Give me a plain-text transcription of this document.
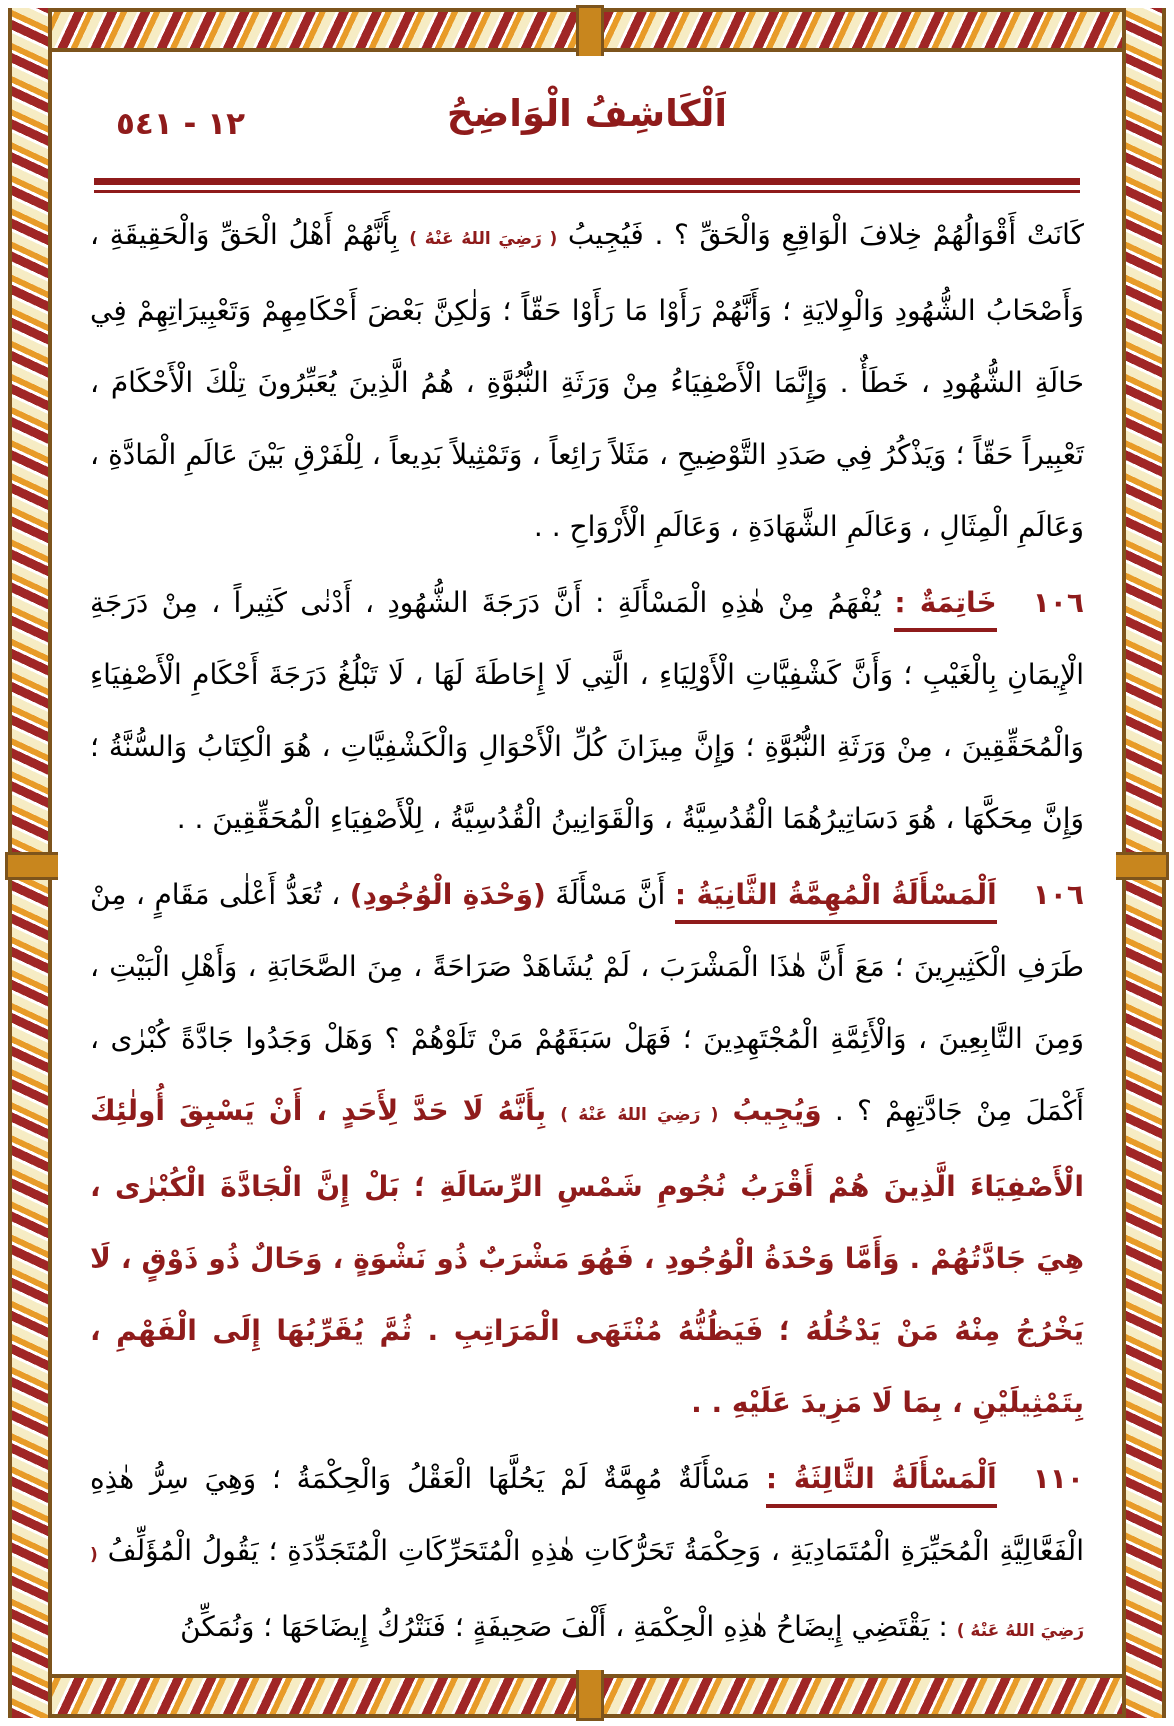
١٢ - ٥٤١	اَلْكَاشِفُ الْوَاضِحُ

كَانَتْ أَقْوَالُهُمْ خِلافَ الْوَاقِعِ وَالْحَقِّ ؟ . فَيُجِيبُ ( رَضِيَ اللهُ عَنْهُ ) بِأَنَّهُمْ أَهْلُ الْحَقِّ وَالْحَقِيقَةِ ، وَأَصْحَابُ الشُّهُودِ وَالْوِلايَةِ ؛ وَأَنَّهُمْ رَأَوْا مَا رَأَوْا حَقّاً ؛ وَلٰكِنَّ بَعْضَ أَحْكَامِهِمْ وَتَعْبِيرَاتِهِمْ فِي حَالَةِ الشُّهُودِ ، خَطَأٌ . وَإِنَّمَا الْأَصْفِيَاءُ مِنْ وَرَثَةِ النُّبُوَّةِ ، هُمُ الَّذِينَ يُعَبِّرُونَ تِلْكَ الْأَحْكَامَ ، تَعْبِيراً حَقّاً ؛ وَيَذْكُرُ فِي صَدَدِ التَّوْضِيحِ ، مَثَلاً رَائِعاً ، وَتَمْثِيلاً بَدِيعاً ، لِلْفَرْقِ بَيْنَ عَالَمِ الْمَادَّةِ ، وَعَالَمِ الْمِثَالِ ، وَعَالَمِ الشَّهَادَةِ ، وَعَالَمِ الْأَرْوَاحِ . .

١٠٦خَاتِمَةٌ : يُفْهَمُ مِنْ هٰذِهِ الْمَسْأَلَةِ : أَنَّ دَرَجَةَ الشُّهُودِ ، أَدْنٰى كَثِيراً ، مِنْ دَرَجَةِ الْإِيمَانِ بِالْغَيْبِ ؛ وَأَنَّ كَشْفِيَّاتِ الْأَوْلِيَاءِ ، الَّتِي لَا إِحَاطَةَ لَهَا ، لَا تَبْلُغُ دَرَجَةَ أَحْكَامِ الْأَصْفِيَاءِ وَالْمُحَقِّقِينَ ، مِنْ وَرَثَةِ النُّبُوَّةِ ؛ وَإِنَّ مِيزَانَ كُلِّ الْأَحْوَالِ وَالْكَشْفِيَّاتِ ، هُوَ الْكِتَابُ وَالسُّنَّةُ ؛ وَإِنَّ مِحَكَّهَا ، هُوَ دَسَاتِيرُهُمَا الْقُدُسِيَّةُ ، وَالْقَوَانِينُ الْقُدُسِيَّةُ ، لِلْأَصْفِيَاءِ الْمُحَقِّقِينَ . .

١٠٦اَلْمَسْأَلَةُ الْمُهِمَّةُ الثَّانِيَةُ : أَنَّ مَسْأَلَةَ (وَحْدَةِ الْوُجُودِ) ، تُعَدُّ أَعْلٰى مَقَامٍ ، مِنْ طَرَفِ الْكَثِيرِينَ ؛ مَعَ أَنَّ هٰذَا الْمَشْرَبَ ، لَمْ يُشَاهَدْ صَرَاحَةً ، مِنَ الصَّحَابَةِ ، وَأَهْلِ الْبَيْتِ ، وَمِنَ التَّابِعِينَ ، وَالْأَئِمَّةِ الْمُجْتَهِدِينَ ؛ فَهَلْ سَبَقَهُمْ مَنْ تَلَوْهُمْ ؟ وَهَلْ وَجَدُوا جَادَّةً كُبْرٰى ، أَكْمَلَ مِنْ جَادَّتِهِمْ ؟ . وَيُجِيبُ ( رَضِيَ اللهُ عَنْهُ ) بِأَنَّهُ لَا حَدَّ لِأَحَدٍ ، أَنْ يَسْبِقَ أُولٰئِكَ الْأَصْفِيَاءَ الَّذِينَ هُمْ أَقْرَبُ نُجُومِ شَمْسِ الرِّسَالَةِ ؛ بَلْ إِنَّ الْجَادَّةَ الْكُبْرٰى ، هِيَ جَادَّتُهُمْ . وَأَمَّا وَحْدَةُ الْوُجُودِ ، فَهُوَ مَشْرَبٌ ذُو نَشْوَةٍ ، وَحَالٌ ذُو ذَوْقٍ ، لَا يَخْرُجُ مِنْهُ مَنْ يَدْخُلُهُ ؛ فَيَظُنُّهُ مُنْتَهَى الْمَرَاتِبِ . ثُمَّ يُقَرِّبُهَا إِلَى الْفَهْمِ ، بِتَمْثِيلَيْنِ ، بِمَا لَا مَزِيدَ عَلَيْهِ . .

١١٠اَلْمَسْأَلَةُ الثَّالِثَةُ : مَسْأَلَةٌ مُهِمَّةٌ لَمْ يَحُلَّهَا الْعَقْلُ وَالْحِكْمَةُ ؛ وَهِيَ سِرُّ هٰذِهِ الْفَعَّالِيَّةِ الْمُحَيِّرَةِ الْمُتَمَادِيَةِ ، وَحِكْمَةُ تَحَرُّكَاتِ هٰذِهِ الْمُتَحَرِّكَاتِ الْمُتَجَدِّدَةِ ؛ يَقُولُ الْمُؤَلِّفُ ( رَضِيَ اللهُ عَنْهُ ) : يَقْتَضِي إِيضَاحُ هٰذِهِ الْحِكْمَةِ ، أَلْفَ صَحِيفَةٍ ؛ فَنَتْرُكُ إِيضَاحَهَا ؛ وَنُمَكِّنُ
